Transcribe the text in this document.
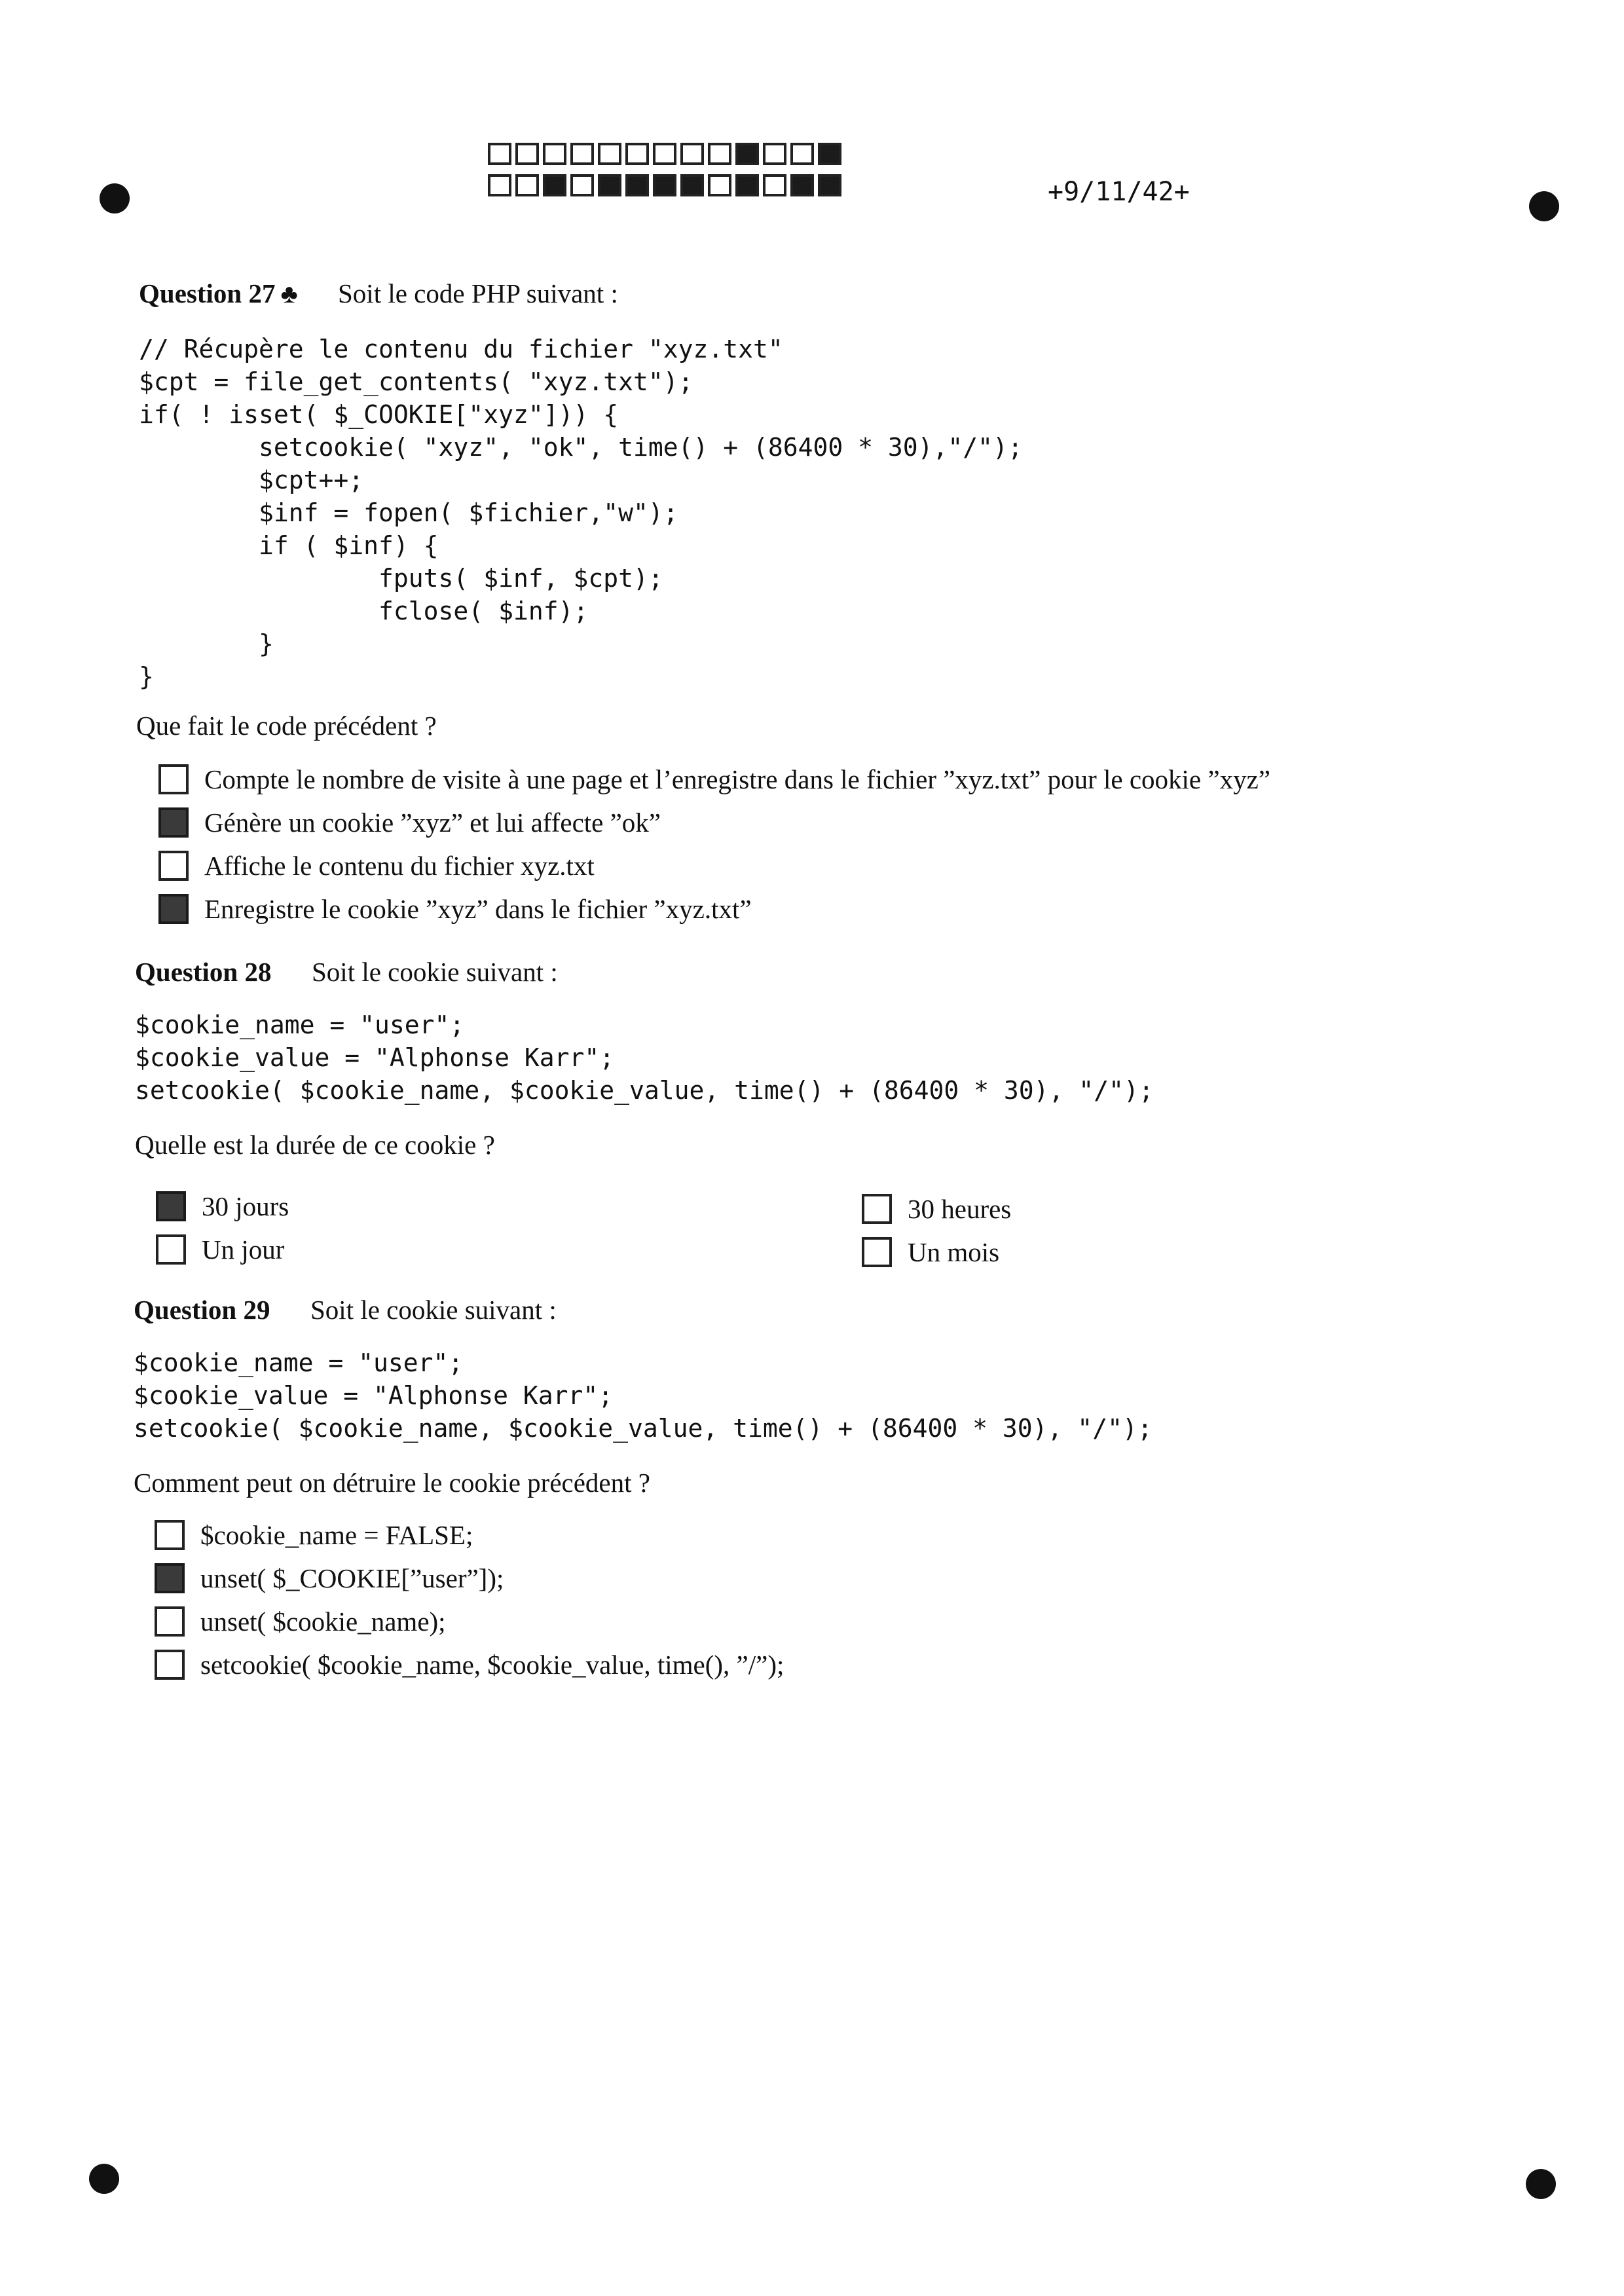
+9/11/42+
Question 27 ♣ Soit le code PHP suivant :
// Récupère le contenu du fichier "xyz.txt"
$cpt = file_get_contents( "xyz.txt");
if( ! isset( $_COOKIE["xyz"])) {
setcookie( "xyz", "ok", time() + (86400 * 30),"/");
$cpt++;
$inf = fopen( $fichier,"w");
if ( $inf) {
fputs( $inf, $cpt);
fclose( $inf);
}
}
Que fait le code précédent ?
Compte le nombre de visite à une page et l’enregistre dans le fichier ”xyz.txt” pour le cookie ”xyz”
Génère un cookie ”xyz” et lui affecte ”ok”
Affiche le contenu du fichier xyz.txt
Enregistre le cookie ”xyz” dans le fichier ”xyz.txt”
Question 28 Soit le cookie suivant :
$cookie_name = "user";
$cookie_value = "Alphonse Karr";
setcookie( $cookie_name, $cookie_value, time() + (86400 * 30), "/");
Quelle est la durée de ce cookie ?
30 jours	30 heures
Un jour	Un mois
Question 29 Soit le cookie suivant :
$cookie_name = "user";
$cookie_value = "Alphonse Karr";
setcookie( $cookie_name, $cookie_value, time() + (86400 * 30), "/");
Comment peut on détruire le cookie précédent ?
$cookie_name = FALSE;
unset( $_COOKIE[”user”]);
unset( $cookie_name);
setcookie( $cookie_name, $cookie_value, time(), ”/”);
